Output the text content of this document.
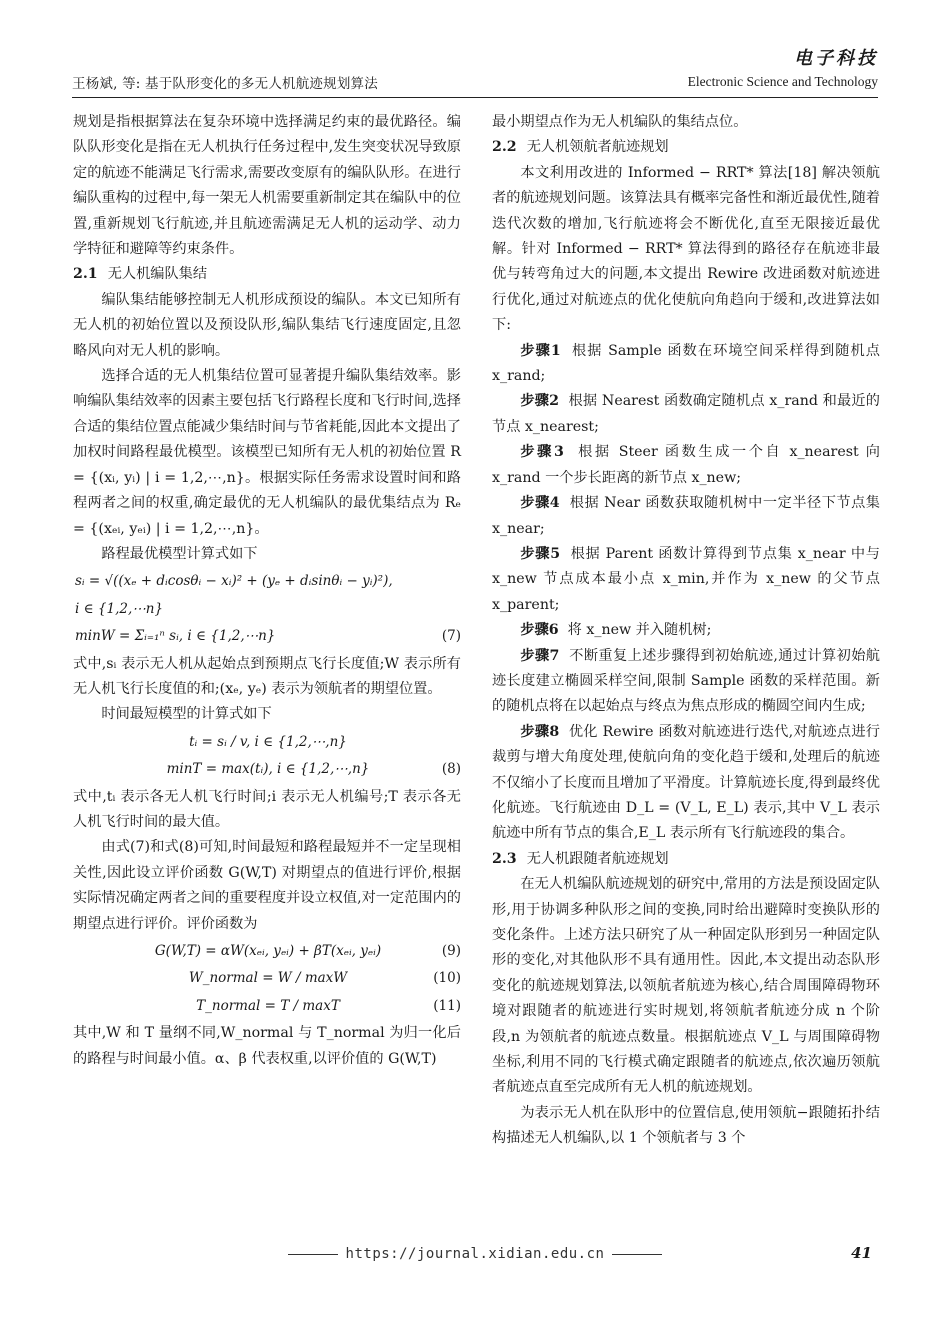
王杨斌, 等: 基于队形变化的多无人机航迹规划算法
电子科技
Electronic Science and Technology

规划是指根据算法在复杂环境中选择满足约束的最优路径。编队队形变化是指在无人机执行任务过程中,发生突变状况导致原定的航迹不能满足飞行需求,需要改变原有的编队队形。在进行编队重构的过程中,每一架无人机需要重新制定其在编队中的位置,重新规划飞行航迹,并且航迹需满足无人机的运动学、动力学特征和避障等约束条件。

2.1 无人机编队集结

编队集结能够控制无人机形成预设的编队。本文已知所有无人机的初始位置以及预设队形,编队集结飞行速度固定,且忽略风向对无人机的影响。

选择合适的无人机集结位置可显著提升编队集结效率。影响编队集结效率的因素主要包括飞行路程长度和飞行时间,选择合适的集结位置点能减少集结时间与节省耗能,因此本文提出了加权时间路程最优模型。该模型已知所有无人机的初始位置 R = {(xᵢ, yᵢ) | i = 1,2,⋯,n}。根据实际任务需求设置时间和路程两者之间的权重,确定最优的无人机编队的最优集结点为 Rₑ = {(xₑᵢ, yₑᵢ) | i = 1,2,⋯,n}。

路程最优模型计算式如下

sᵢ = √((xₑ + dᵢcosθᵢ − xᵢ)² + (yₑ + dᵢsinθᵢ − yᵢ)²),
i ∈ {1,2,⋯n}
minW = Σᵢ₌₁ⁿ sᵢ, i ∈ {1,2,⋯n}	(7)

式中,sᵢ 表示无人机从起始点到预期点飞行长度值;W 表示所有无人机飞行长度值的和;(xₑ, yₑ) 表示为领航者的期望位置。

时间最短模型的计算式如下

tᵢ = sᵢ / v, i ∈ {1,2,⋯,n}
minT = max(tᵢ), i ∈ {1,2,⋯,n}	(8)

式中,tᵢ 表示各无人机飞行时间;i 表示无人机编号;T 表示各无人机飞行时间的最大值。

由式(7)和式(8)可知,时间最短和路程最短并不一定呈现相关性,因此设立评价函数 G(W,T) 对期望点的值进行评价,根据实际情况确定两者之间的重要程度并设立权值,对一定范围内的期望点进行评价。评价函数为

G(W,T) = αW(xₑᵢ, yₑᵢ) + βT(xₑᵢ, yₑᵢ)	(9)
W_normal = W / maxW	(10)
T_normal = T / maxT	(11)

其中,W 和 T 量纲不同,W_normal 与 T_normal 为归一化后的路程与时间最小值。α、β 代表权重,以评价值的 G(W,T)

最小期望点作为无人机编队的集结点位。

2.2 无人机领航者航迹规划

本文利用改进的 Informed − RRT* 算法[18] 解决领航者的航迹规划问题。该算法具有概率完备性和渐近最优性,随着迭代次数的增加,飞行航迹将会不断优化,直至无限接近最优解。针对 Informed − RRT* 算法得到的路径存在航迹非最优与转弯角过大的问题,本文提出 Rewire 改进函数对航迹进行优化,通过对航迹点的优化使航向角趋向于缓和,改进算法如下:

步骤1 根据 Sample 函数在环境空间采样得到随机点 x_rand;

步骤2 根据 Nearest 函数确定随机点 x_rand 和最近的节点 x_nearest;

步骤3 根据 Steer 函数生成一个自 x_nearest 向 x_rand 一个步长距离的新节点 x_new;

步骤4 根据 Near 函数获取随机树中一定半径下节点集 x_near;

步骤5 根据 Parent 函数计算得到节点集 x_near 中与 x_new 节点成本最小点 x_min,并作为 x_new 的父节点 x_parent;

步骤6 将 x_new 并入随机树;

步骤7 不断重复上述步骤得到初始航迹,通过计算初始航迹长度建立椭圆采样空间,限制 Sample 函数的采样范围。新的随机点将在以起始点与终点为焦点形成的椭圆空间内生成;

步骤8 优化 Rewire 函数对航迹进行迭代,对航迹点进行裁剪与增大角度处理,使航向角的变化趋于缓和,处理后的航迹不仅缩小了长度而且增加了平滑度。计算航迹长度,得到最终优化航迹。飞行航迹由 D_L = (V_L, E_L) 表示,其中 V_L 表示航迹中所有节点的集合,E_L 表示所有飞行航迹段的集合。

2.3 无人机跟随者航迹规划

在无人机编队航迹规划的研究中,常用的方法是预设固定队形,用于协调多种队形之间的变换,同时给出避障时变换队形的变化条件。上述方法只研究了从一种固定队形到另一种固定队形的变化,对其他队形不具有通用性。因此,本文提出动态队形变化的航迹规划算法,以领航者航迹为核心,结合周围障碍物环境对跟随者的航迹进行实时规划,将领航者航迹分成 n 个阶段,n 为领航者的航迹点数量。根据航迹点 V_L 与周围障碍物坐标,利用不同的飞行模式确定跟随者的航迹点,依次遍历领航者航迹点直至完成所有无人机的航迹规划。

为表示无人机在队形中的位置信息,使用领航−跟随拓扑结构描述无人机编队,以 1 个领航者与 3 个

https://journal.xidian.edu.cn	41
